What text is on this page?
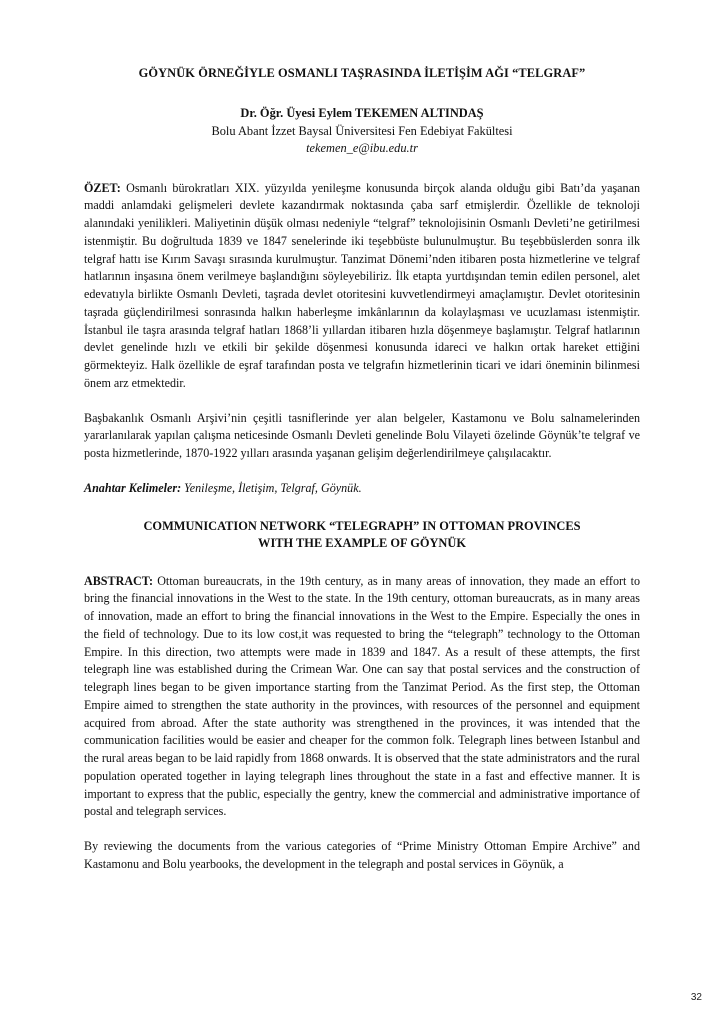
GÖYNÜK ÖRNEĞİYLE OSMANLI TAŞRASINDA İLETİŞİM AĞI “TELGRAF”
Dr. Öğr. Üyesi Eylem TEKEMEN ALTINDAŞ
Bolu Abant İzzet Baysal Üniversitesi Fen Edebiyat Fakültesi
tekemen_e@ibu.edu.tr

ÖZET: Osmanlı bürokratları XIX. yüzyılda yenileşme konusunda birçok alanda olduğu gibi Batı’da yaşanan maddi anlamdaki gelişmeleri devlete kazandırmak noktasında çaba sarf etmişlerdir. Özellikle de teknoloji alanındaki yenilikleri. Maliyetinin düşük olması nedeniyle “telgraf” teknolojisinin Osmanlı Devleti’ne getirilmesi istenmiştir. Bu doğrultuda 1839 ve 1847 senelerinde iki teşebbüste bulunulmuştur. Bu teşebbüslerden sonra ilk telgraf hattı ise Kırım Savaşı sırasında kurulmuştur. Tanzimat Dönemi’nden itibaren posta hizmetlerine ve telgraf hatlarının inşasına önem verilmeye başlandığını söyleyebiliriz. İlk etapta yurtdışından temin edilen personel, alet edevatıyla birlikte Osmanlı Devleti, taşrada devlet otoritesini kuvvetlendirmeyi amaçlamıştır. Devlet otoritesinin taşrada güçlendirilmesi sonrasında halkın haberleşme imkânlarının da kolaylaşması ve ucuzlaması istenmiştir. İstanbul ile taşra arasında telgraf hatları 1868’li yıllardan itibaren hızla döşenmeye başlamıştır. Telgraf hatlarının devlet genelinde hızlı ve etkili bir şekilde döşenmesi konusunda idareci ve halkın ortak hareket ettiğini görmekteyiz. Halk özellikle de eşraf tarafından posta ve telgrafın hizmetlerinin ticari ve idari öneminin bilinmesi önem arz etmektedir.

Başbakanlık Osmanlı Arşivi’nin çeşitli tasniflerinde yer alan belgeler, Kastamonu ve Bolu salnamelerinden yararlanılarak yapılan çalışma neticesinde Osmanlı Devleti genelinde Bolu Vilayeti özelinde Göynük’te telgraf ve posta hizmetlerinde, 1870-1922 yılları arasında yaşanan gelişim değerlendirilmeye çalışılacaktır.

Anahtar Kelimeler: Yenileşme, İletişim, Telgraf, Göynük.

COMMUNICATION NETWORK “TELEGRAPH” IN OTTOMAN PROVINCES
WITH THE EXAMPLE OF GÖYNÜK

ABSTRACT: Ottoman bureaucrats, in the 19th century, as in many areas of innovation, they made an effort to bring the financial innovations in the West to the state. In the 19th century, ottoman bureaucrats, as in many areas of innovation, made an effort to bring the financial innovations in the West to the Empire. Especially the ones in the field of technology. Due to its low cost,it was requested to bring the “telegraph” technology to the Ottoman Empire. In this direction, two attempts were made in 1839 and 1847. As a result of these attempts, the first telegraph line was established during the Crimean War. One can say that postal services and the construction of telegraph lines began to be given importance starting from the Tanzimat Period. As the first step, the Ottoman Empire aimed to strengthen the state authority in the provinces, with resources of the personnel and equipment acquired from abroad. After the state authority was strengthened in the provinces, it was intended that the communication facilities would be easier and cheaper for the common folk. Telegraph lines between Istanbul and the rural areas began to be laid rapidly from 1868 onwards. It is observed that the state administrators and the rural population operated together in laying telegraph lines throughout the state in a fast and effective manner. It is important to express that the public, especially the gentry, knew the commercial and administrative importance of postal and telegraph services.

By reviewing the documents from the various categories of “Prime Ministry Ottoman Empire Archive” and Kastamonu and Bolu yearbooks, the development in the telegraph and postal services in Göynük, a

32
